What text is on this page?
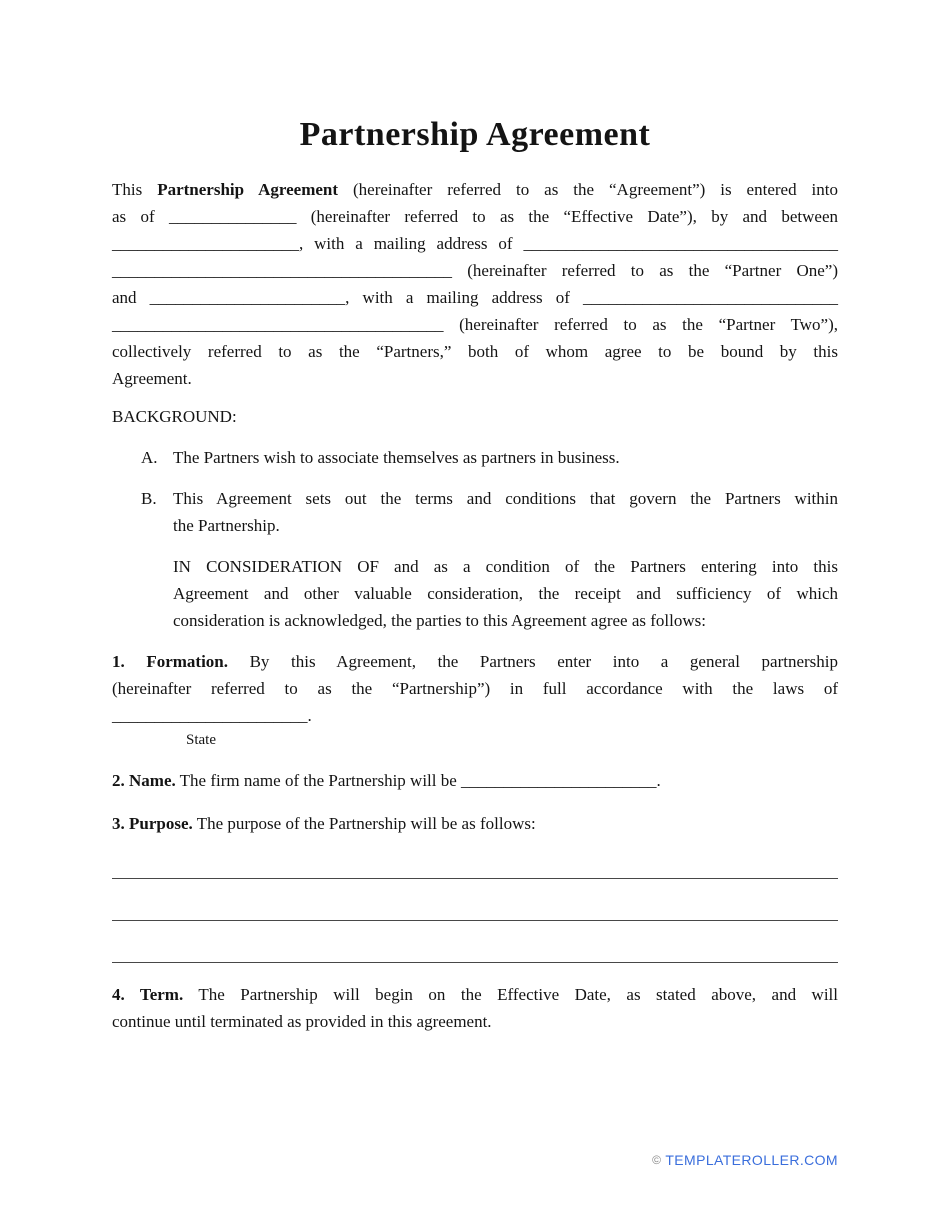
Partnership Agreement
This Partnership Agreement (hereinafter referred to as the “Agreement”) is entered into
as of _______________ (hereinafter referred to as the “Effective Date”), by and between
______________________, with a mailing address of _____________________________________
________________________________________ (hereinafter referred to as the “Partner One”)
and _______________________, with a mailing address of ______________________________
_______________________________________ (hereinafter referred to as the “Partner Two”),
collectively referred to as the “Partners,” both of whom agree to be bound by this
Agreement.
BACKGROUND:
A. The Partners wish to associate themselves as partners in business.
B. This Agreement sets out the terms and conditions that govern the Partners within
the Partnership.
IN CONSIDERATION OF and as a condition of the Partners entering into this
Agreement and other valuable consideration, the receipt and sufficiency of which
consideration is acknowledged, the parties to this Agreement agree as follows:
1. Formation. By this Agreement, the Partners enter into a general partnership
(hereinafter referred to as the “Partnership”) in full accordance with the laws of
_______________________.
State
2. Name. The firm name of the Partnership will be _______________________.
3. Purpose. The purpose of the Partnership will be as follows:
4. Term. The Partnership will begin on the Effective Date, as stated above, and will
continue until terminated as provided in this agreement.
© TEMPLATEROLLER.COM
